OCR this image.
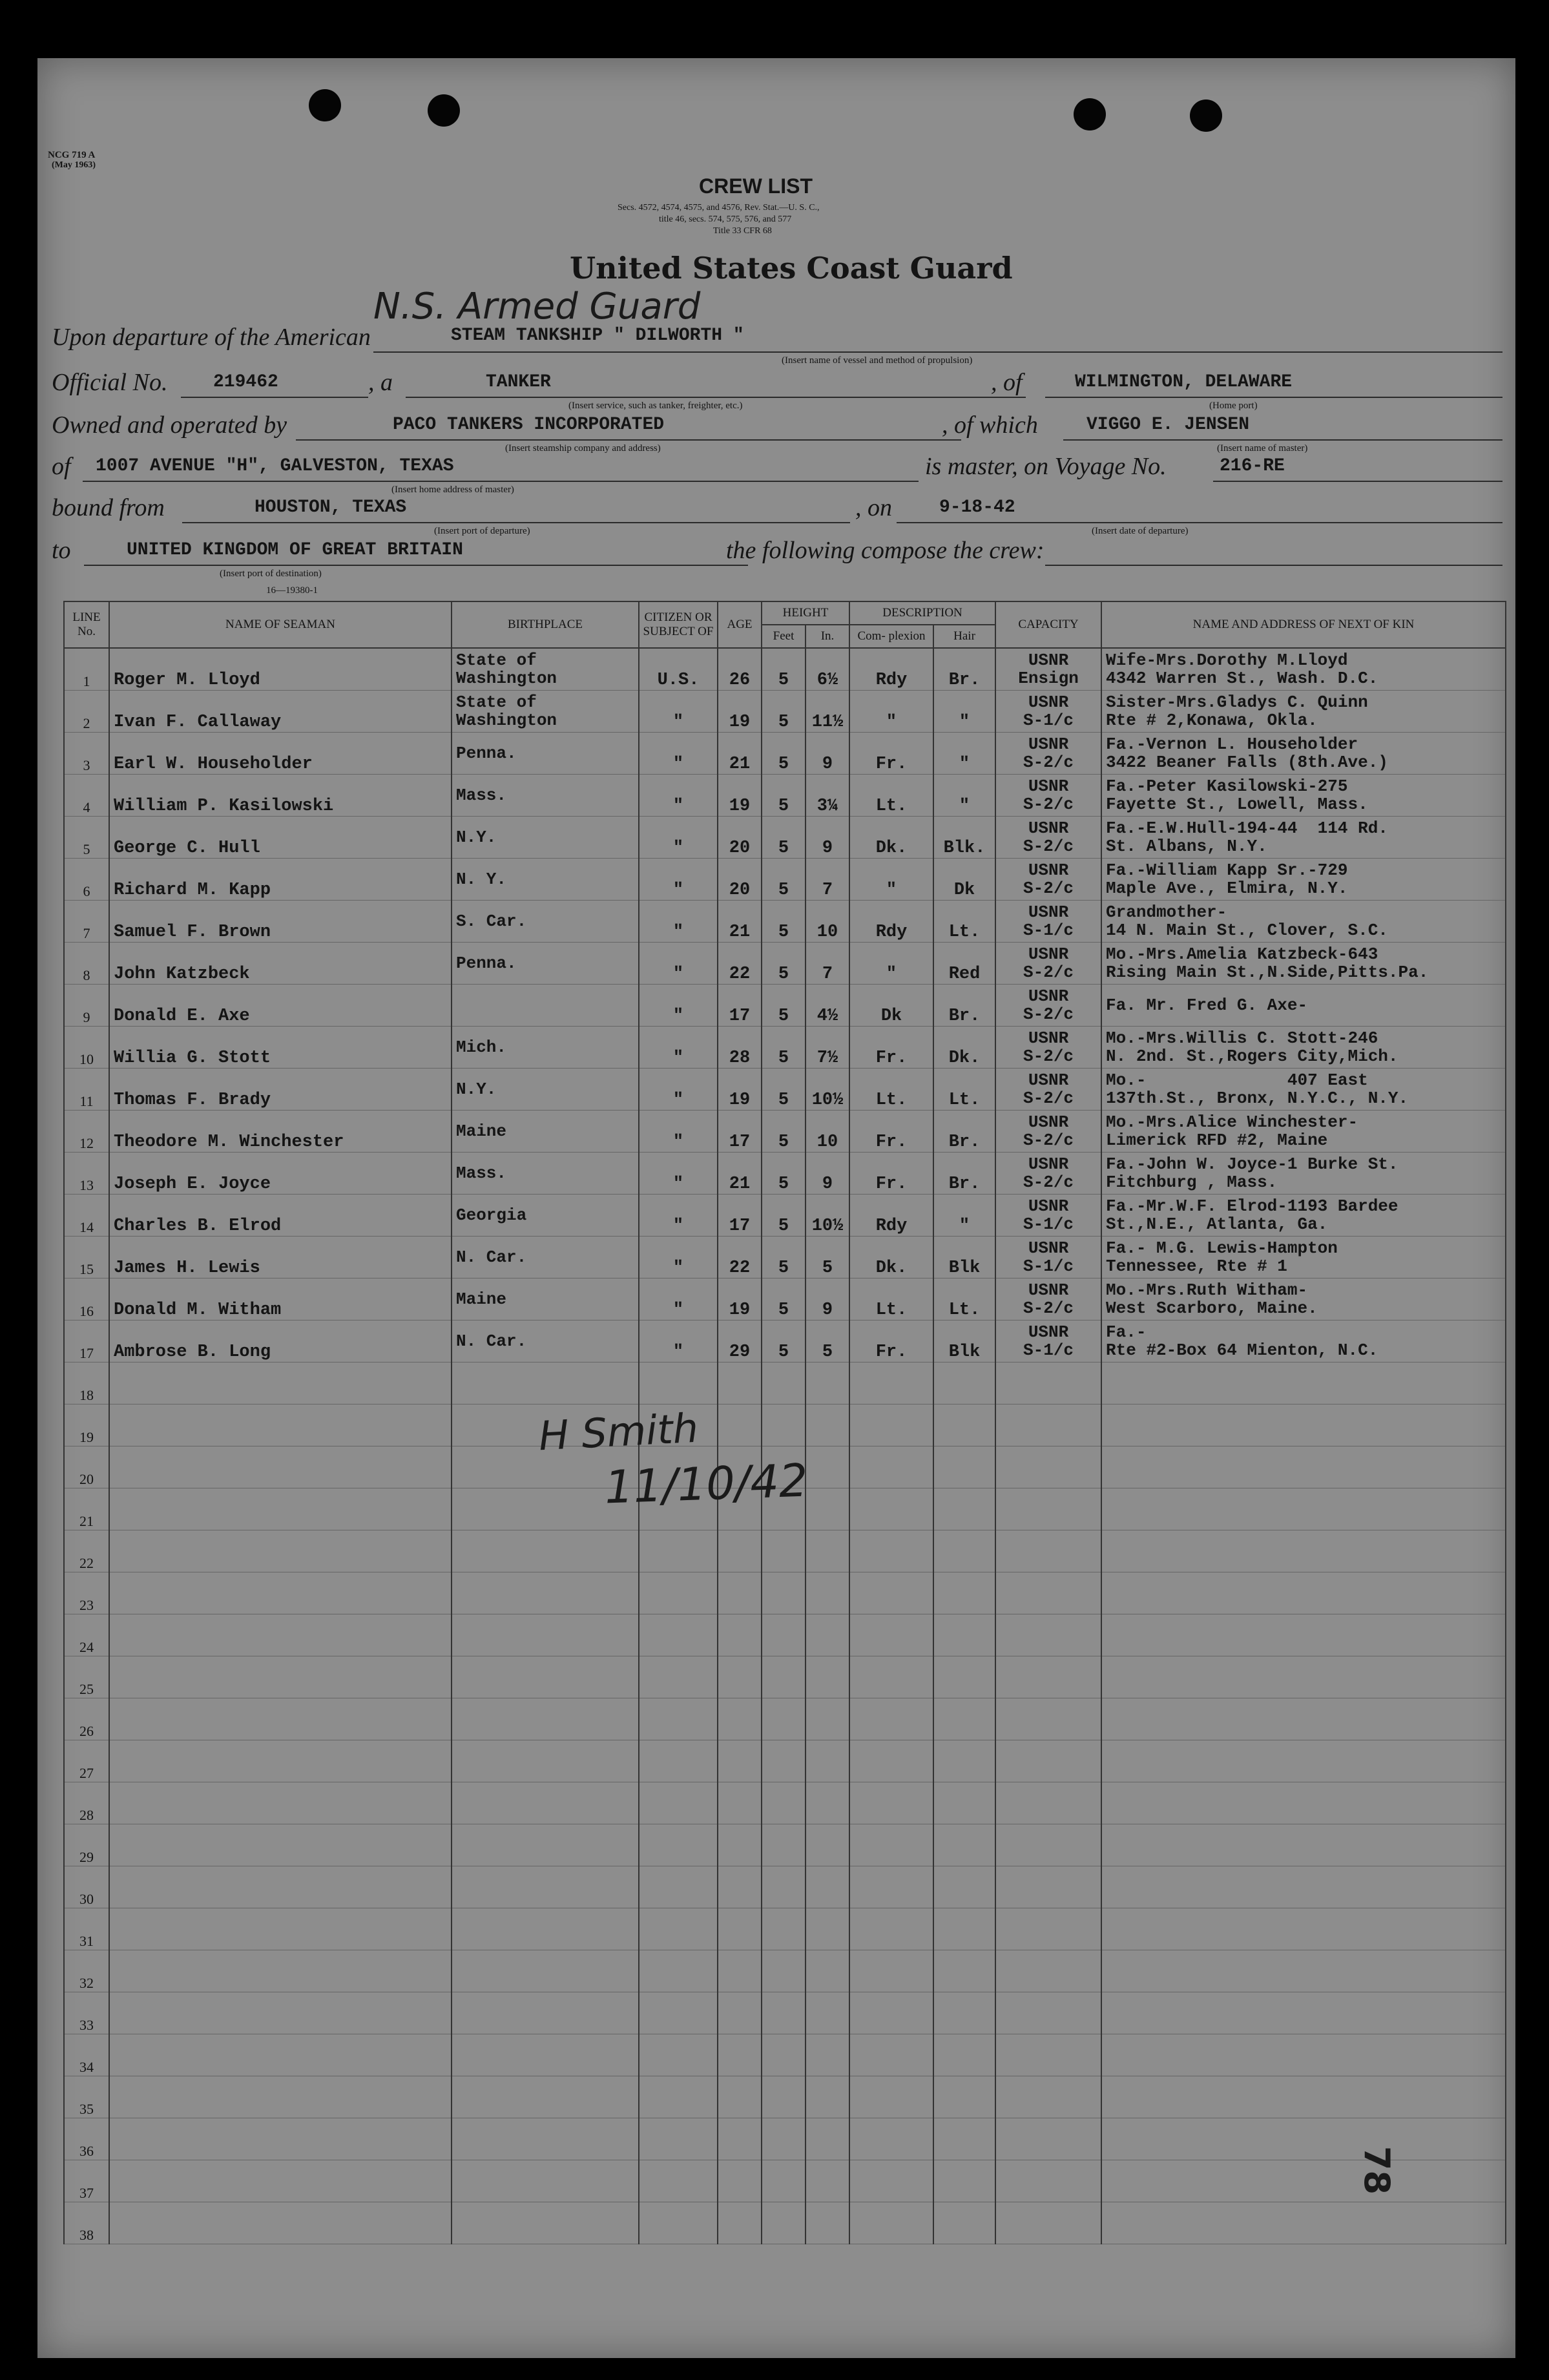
NCG 719 A
(May 1963)
CREW LIST
Secs. 4572, 4574, 4575, and 4576, Rev. Stat.—U. S. C.,
title 46, secs. 574, 575, 576, and 577
Title 33 CFR 68
United States Coast Guard
Upon departure of the American
N.S. Armed Guard
STEAM TANKSHIP " DILWORTH "
(Insert name of vessel and method of propulsion)
Official No.	219462	, a	TANKER
(Insert service, such as tanker, freighter, etc.)
, of	WILMINGTON, DELAWARE
(Home port)
Owned and operated by	PACO TANKERS INCORPORATED
(Insert steamship company and address)
, of which	VIGGO E. JENSEN
(Insert name of master)
of 1007 AVENUE "H", GALVESTON, TEXAS
(Insert home address of master)
is master, on Voyage No.	216-RE
bound from	HOUSTON, TEXAS
(Insert port of departure)
, on	9-18-42
(Insert date of departure)
to	UNITED KINGDOM OF GREAT BRITAIN
(Insert port of destination)
the following compose the crew:
16—19380-1
LINE No.	NAME OF SEAMAN	BIRTHPLACE	CITIZEN OR SUBJECT OF	AGE	HEIGHT		DESCRIPTION		CAPACITY	NAME AND ADDRESS OF NEXT OF KIN
					Feet	In.	Com- plexion	Hair		
1	Roger M. Lloyd	State of
Washington	U.S.	26	5	6½	Rdy	Br.	USNR
Ensign	Wife-Mrs.Dorothy M.Lloyd
4342 Warren St., Wash. D.C.
2	Ivan F. Callaway	State of
Washington	"	19	5	11½	"	"	USNR
S-1/c	Sister-Mrs.Gladys C. Quinn
Rte # 2,Konawa, Okla.
3	Earl W. Householder	Penna.	"	21	5	9	Fr.	"	USNR
S-2/c	Fa.-Vernon L. Householder
3422 Beaner Falls (8th.Ave.)
4	William P. Kasilowski	Mass.	"	19	5	3¼	Lt.	"	USNR
S-2/c	Fa.-Peter Kasilowski-275
Fayette St., Lowell, Mass.
5	George C. Hull	N.Y.	"	20	5	9	Dk.	Blk.	USNR
S-2/c	Fa.-E.W.Hull-194-44  114 Rd.
St. Albans, N.Y.
6	Richard M. Kapp	N. Y.	"	20	5	7	"	Dk	USNR
S-2/c	Fa.-William Kapp Sr.-729
Maple Ave., Elmira, N.Y.
7	Samuel F. Brown	S. Car.	"	21	5	10	Rdy	Lt.	USNR
S-1/c	Grandmother-
14 N. Main St., Clover, S.C.
8	John Katzbeck	Penna.	"	22	5	7	"	Red	USNR
S-2/c	Mo.-Mrs.Amelia Katzbeck-643
Rising Main St.,N.Side,Pitts.Pa.
9	Donald E. Axe		"	17	5	4½	Dk	Br.	USNR
S-2/c	Fa. Mr. Fred G. Axe-
10	Willia G. Stott	Mich.	"	28	5	7½	Fr.	Dk.	USNR
S-2/c	Mo.-Mrs.Willis C. Stott-246
N. 2nd. St.,Rogers City,Mich.
11	Thomas F. Brady	N.Y.	"	19	5	10½	Lt.	Lt.	USNR
S-2/c	Mo.-              407 East
137th.St., Bronx, N.Y.C., N.Y.
12	Theodore M. Winchester	Maine	"	17	5	10	Fr.	Br.	USNR
S-2/c	Mo.-Mrs.Alice Winchester-
Limerick RFD #2, Maine
13	Joseph E. Joyce	Mass.	"	21	5	9	Fr.	Br.	USNR
S-2/c	Fa.-John W. Joyce-1 Burke St.
Fitchburg , Mass.
14	Charles B. Elrod	Georgia	"	17	5	10½	Rdy	"	USNR
S-1/c	Fa.-Mr.W.F. Elrod-1193 Bardee
St.,N.E., Atlanta, Ga.
15	James H. Lewis	N. Car.	"	22	5	5	Dk.	Blk	USNR
S-1/c	Fa.- M.G. Lewis-Hampton
Tennessee, Rte # 1
16	Donald M. Witham	Maine	"	19	5	9	Lt.	Lt.	USNR
S-2/c	Mo.-Mrs.Ruth Witham-
West Scarboro, Maine.
17	Ambrose B. Long	N. Car.	"	29	5	5	Fr.	Blk	USNR
S-1/c	Fa.-
Rte #2-Box 64 Mienton, N.C.
18										
19										
20										
21										
22										
23										
24										
25										
26										
27										
28										
29										
30										
31										
32										
33										
34										
35										
36										
37										
38										
H Smith
11/10/42
78
